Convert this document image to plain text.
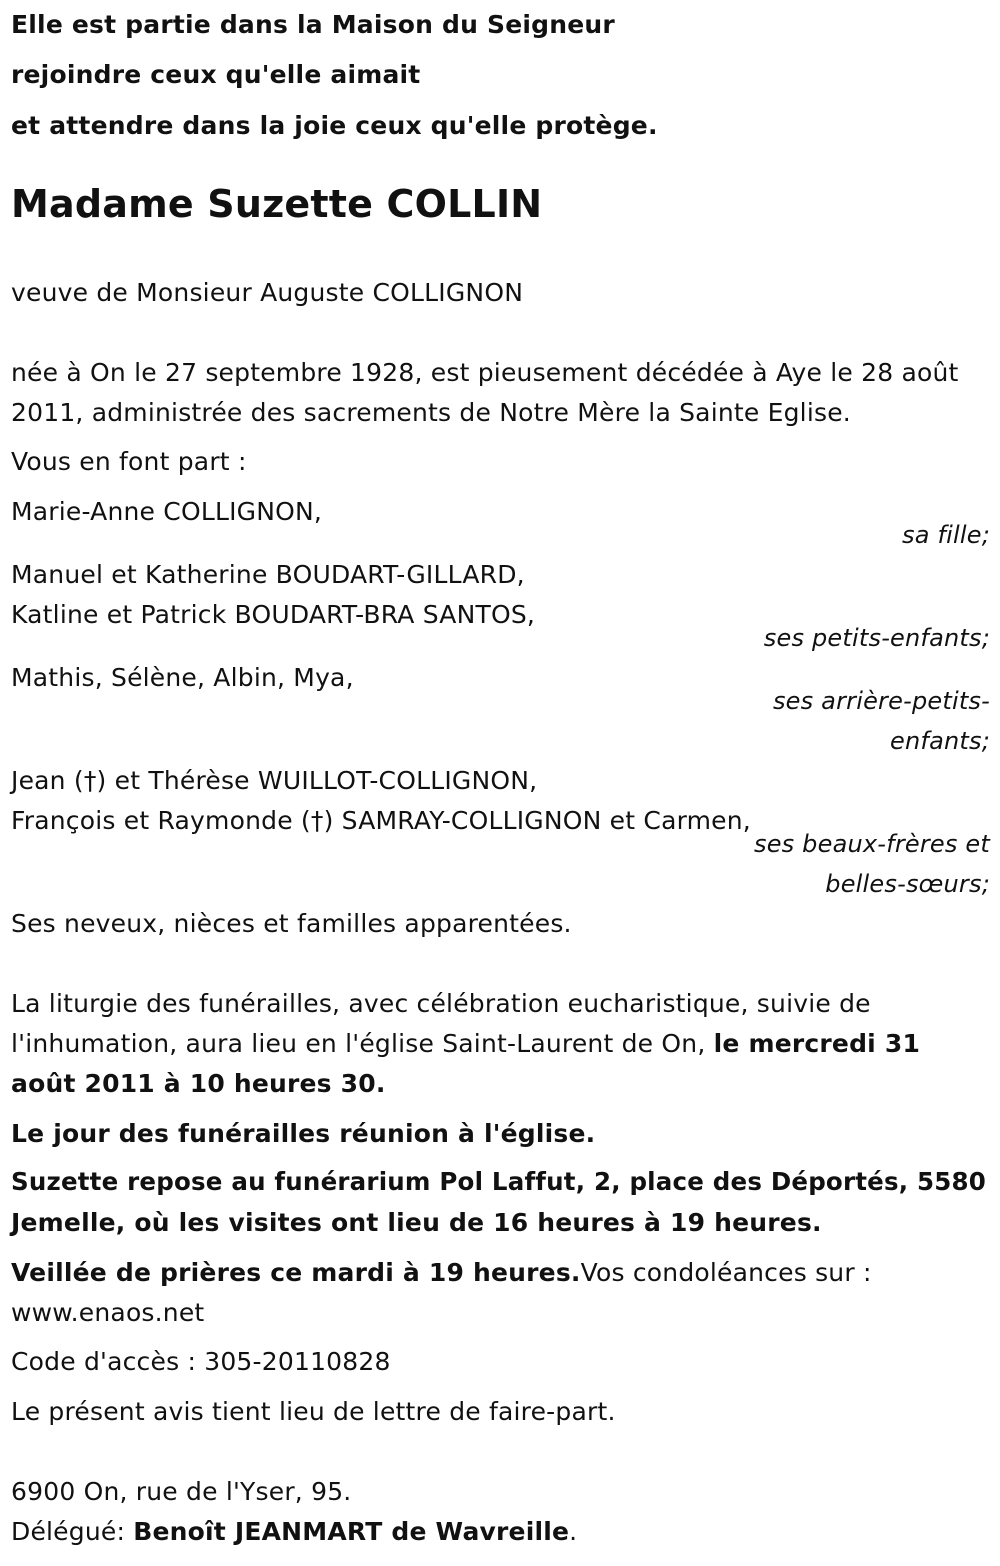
Elle est partie dans la Maison du Seigneur
rejoindre ceux qu'elle aimait
et attendre dans la joie ceux qu'elle protège.
Madame Suzette COLLIN
veuve de Monsieur Auguste COLLIGNON
née à On le 27 septembre 1928, est pieusement décédée à Aye le 28 août
2011, administrée des sacrements de Notre Mère la Sainte Eglise.
Vous en font part :
Marie-Anne COLLIGNON,
sa fille;
Manuel et Katherine BOUDART-GILLARD,
Katline et Patrick BOUDART-BRA SANTOS,
ses petits-enfants;
Mathis, Sélène, Albin, Mya,
ses arrière-petits-
enfants;
Jean (†) et Thérèse WUILLOT-COLLIGNON,
François et Raymonde (†) SAMRAY-COLLIGNON et Carmen,
ses beaux-frères et
belles-sœurs;
Ses neveux, nièces et familles apparentées.
La liturgie des funérailles, avec célébration eucharistique, suivie de
l'inhumation, aura lieu en l'église Saint-Laurent de On, le mercredi 31
août 2011 à 10 heures 30.
Le jour des funérailles réunion à l'église.
Suzette repose au funérarium Pol Laffut, 2, place des Déportés, 5580
Jemelle, où les visites ont lieu de 16 heures à 19 heures.
Veillée de prières ce mardi à 19 heures.Vos condoléances sur :
www.enaos.net
Code d'accès : 305-20110828
Le présent avis tient lieu de lettre de faire-part.
6900 On, rue de l'Yser, 95.
Délégué: Benoît JEANMART de Wavreille.
